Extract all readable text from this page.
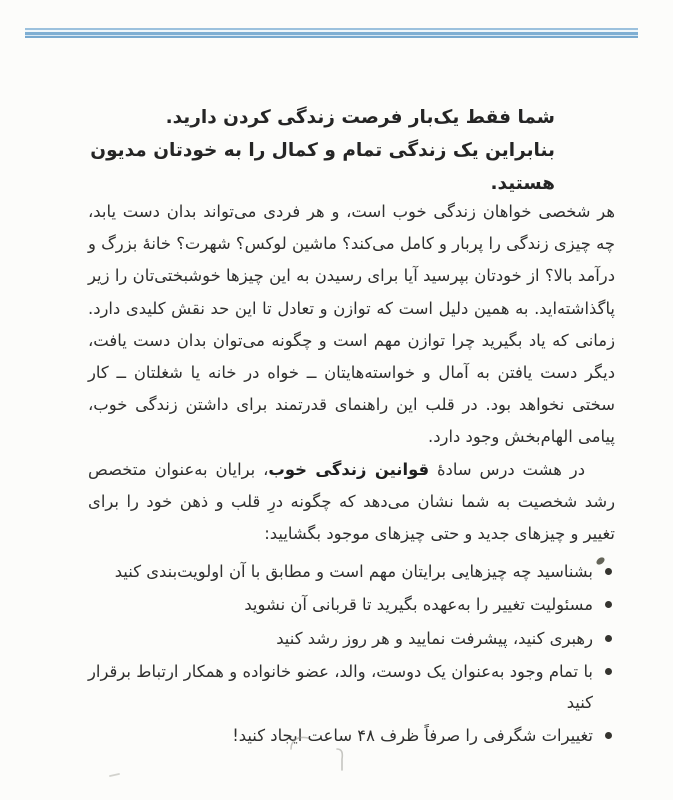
شما فقط یک‌بار فرصت زندگی کردن دارید.
بنابراین یک زندگی تمام و کمال را به خودتان مدیون هستید.

هر شخصی خواهان زندگی خوب است، و هر فردی می‌تواند بدان دست یابد، چه چیزی زندگی را پربار و کامل می‌کند؟ ماشین لوکس؟ شهرت؟ خانهٔ بزرگ و درآمد بالا؟ از خودتان بپرسید آیا برای رسیدن به این چیزها خوشبختی‌تان را زیر پاگذاشته‌اید. به همین دلیل است که توازن و تعادل تا این حد نقش کلیدی دارد. زمانی که یاد بگیرید چرا توازن مهم است و چگونه می‌توان بدان دست یافت، دیگر دست یافتن به آمال و خواسته‌هایتان ــ خواه در خانه یا شغلتان ــ کار سختی نخواهد بود. در قلب این راهنمای قدرتمند برای داشتن زندگی خوب، پیامی الهام‌بخش وجود دارد.

در هشت درس سادهٔ قوانین زندگی خوب، برایان به‌عنوان متخصص رشد شخصیت به شما نشان می‌دهد که چگونه درِ قلب و ذهن خود را برای تغییر و چیزهای جدید و حتی چیزهای موجود بگشایید:

بشناسید چه چیزهایی برایتان مهم است و مطابق با آن اولویت‌بندی کنید
مسئولیت تغییر را به‌عهده بگیرید تا قربانی آن نشوید
رهبری کنید، پیشرفت نمایید و هر روز رشد کنید
با تمام وجود به‌عنوان یک دوست، والد، عضو خانواده و همکار ارتباط برقرار کنید
تغییرات شگرفی را صرفاً ظرف ۴۸ ساعت ایجاد کنید!
